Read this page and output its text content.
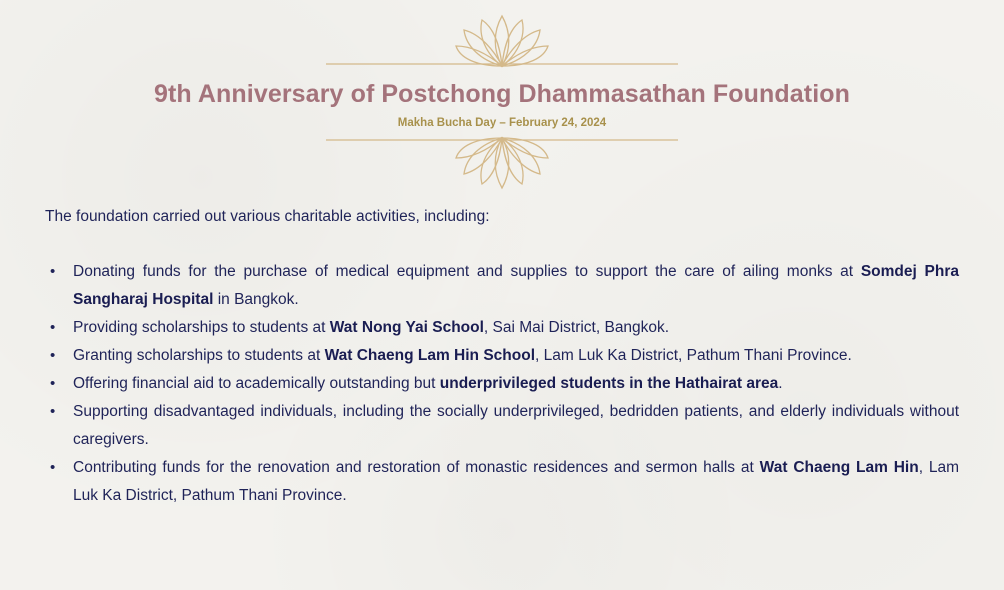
9th Anniversary of Postchong Dhammasathan Foundation
Makha Bucha Day – February 24, 2024
The foundation carried out various charitable activities, including:
• Donating funds for the purchase of medical equipment and supplies to support the care of ailing monks at Somdej Phra Sangharaj Hospital in Bangkok.
• Providing scholarships to students at Wat Nong Yai School, Sai Mai District, Bangkok.
• Granting scholarships to students at Wat Chaeng Lam Hin School, Lam Luk Ka District, Pathum Thani Province.
• Offering financial aid to academically outstanding but underprivileged students in the Hathairat area.
• Supporting disadvantaged individuals, including the socially underprivileged, bedridden patients, and elderly individuals without caregivers.
• Contributing funds for the renovation and restoration of monastic residences and sermon halls at Wat Chaeng Lam Hin, Lam Luk Ka District, Pathum Thani Province.
